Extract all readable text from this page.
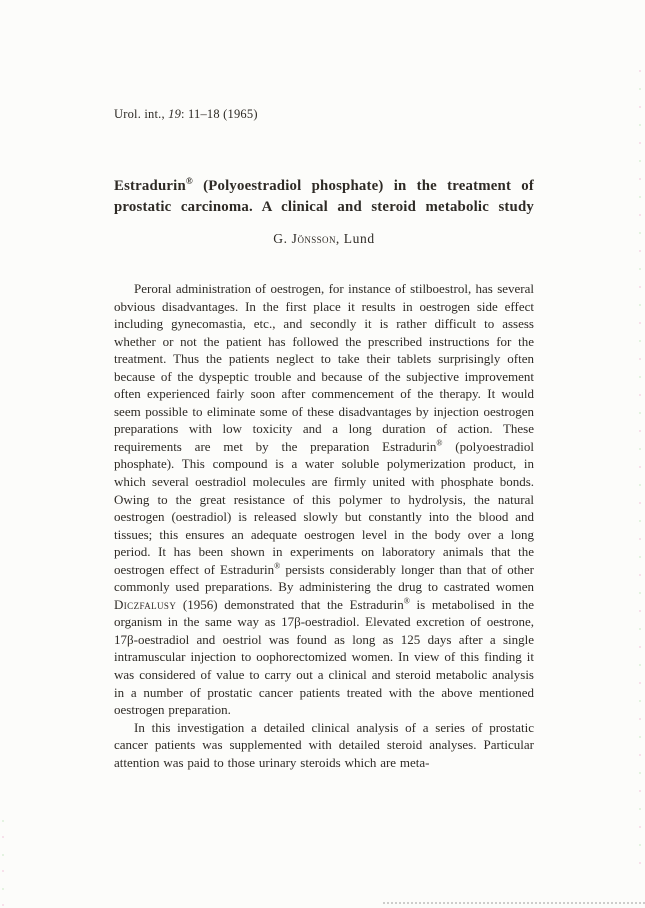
Urol. int., 19: 11–18 (1965)
Estradurin® (Polyoestradiol phosphate) in the treatment of prostatic carcinoma. A clinical and steroid metabolic study
G. Jönsson, Lund

Peroral administration of oestrogen, for instance of stilboestrol, has several obvious disadvantages. In the first place it results in oestrogen side effect including gynecomastia, etc., and secondly it is rather difficult to assess whether or not the patient has followed the prescribed instructions for the treatment. Thus the patients neglect to take their tablets surprisingly often because of the dyspeptic trouble and because of the subjective improvement often experienced fairly soon after commencement of the therapy. It would seem possible to eliminate some of these disadvantages by injection oestrogen preparations with low toxicity and a long duration of action. These requirements are met by the preparation Estradurin® (polyoestradiol phosphate). This compound is a water soluble polymerization product, in which several oestradiol molecules are firmly united with phosphate bonds. Owing to the great resistance of this polymer to hydrolysis, the natural oestrogen (oestradiol) is released slowly but constantly into the blood and tissues; this ensures an adequate oestrogen level in the body over a long period. It has been shown in experiments on laboratory animals that the oestrogen effect of Estradurin® persists considerably longer than that of other commonly used preparations. By administering the drug to castrated women Diczfalusy (1956) demonstrated that the Estradurin® is metabolised in the organism in the same way as 17β-oestradiol. Elevated excretion of oestrone, 17β-oestradiol and oestriol was found as long as 125 days after a single intramuscular injection to oophorectomized women. In view of this finding it was considered of value to carry out a clinical and steroid metabolic analysis in a number of prostatic cancer patients treated with the above mentioned oestrogen preparation.

In this investigation a detailed clinical analysis of a series of prostatic cancer patients was supplemented with detailed steroid analyses. Particular attention was paid to those urinary steroids which are meta-
